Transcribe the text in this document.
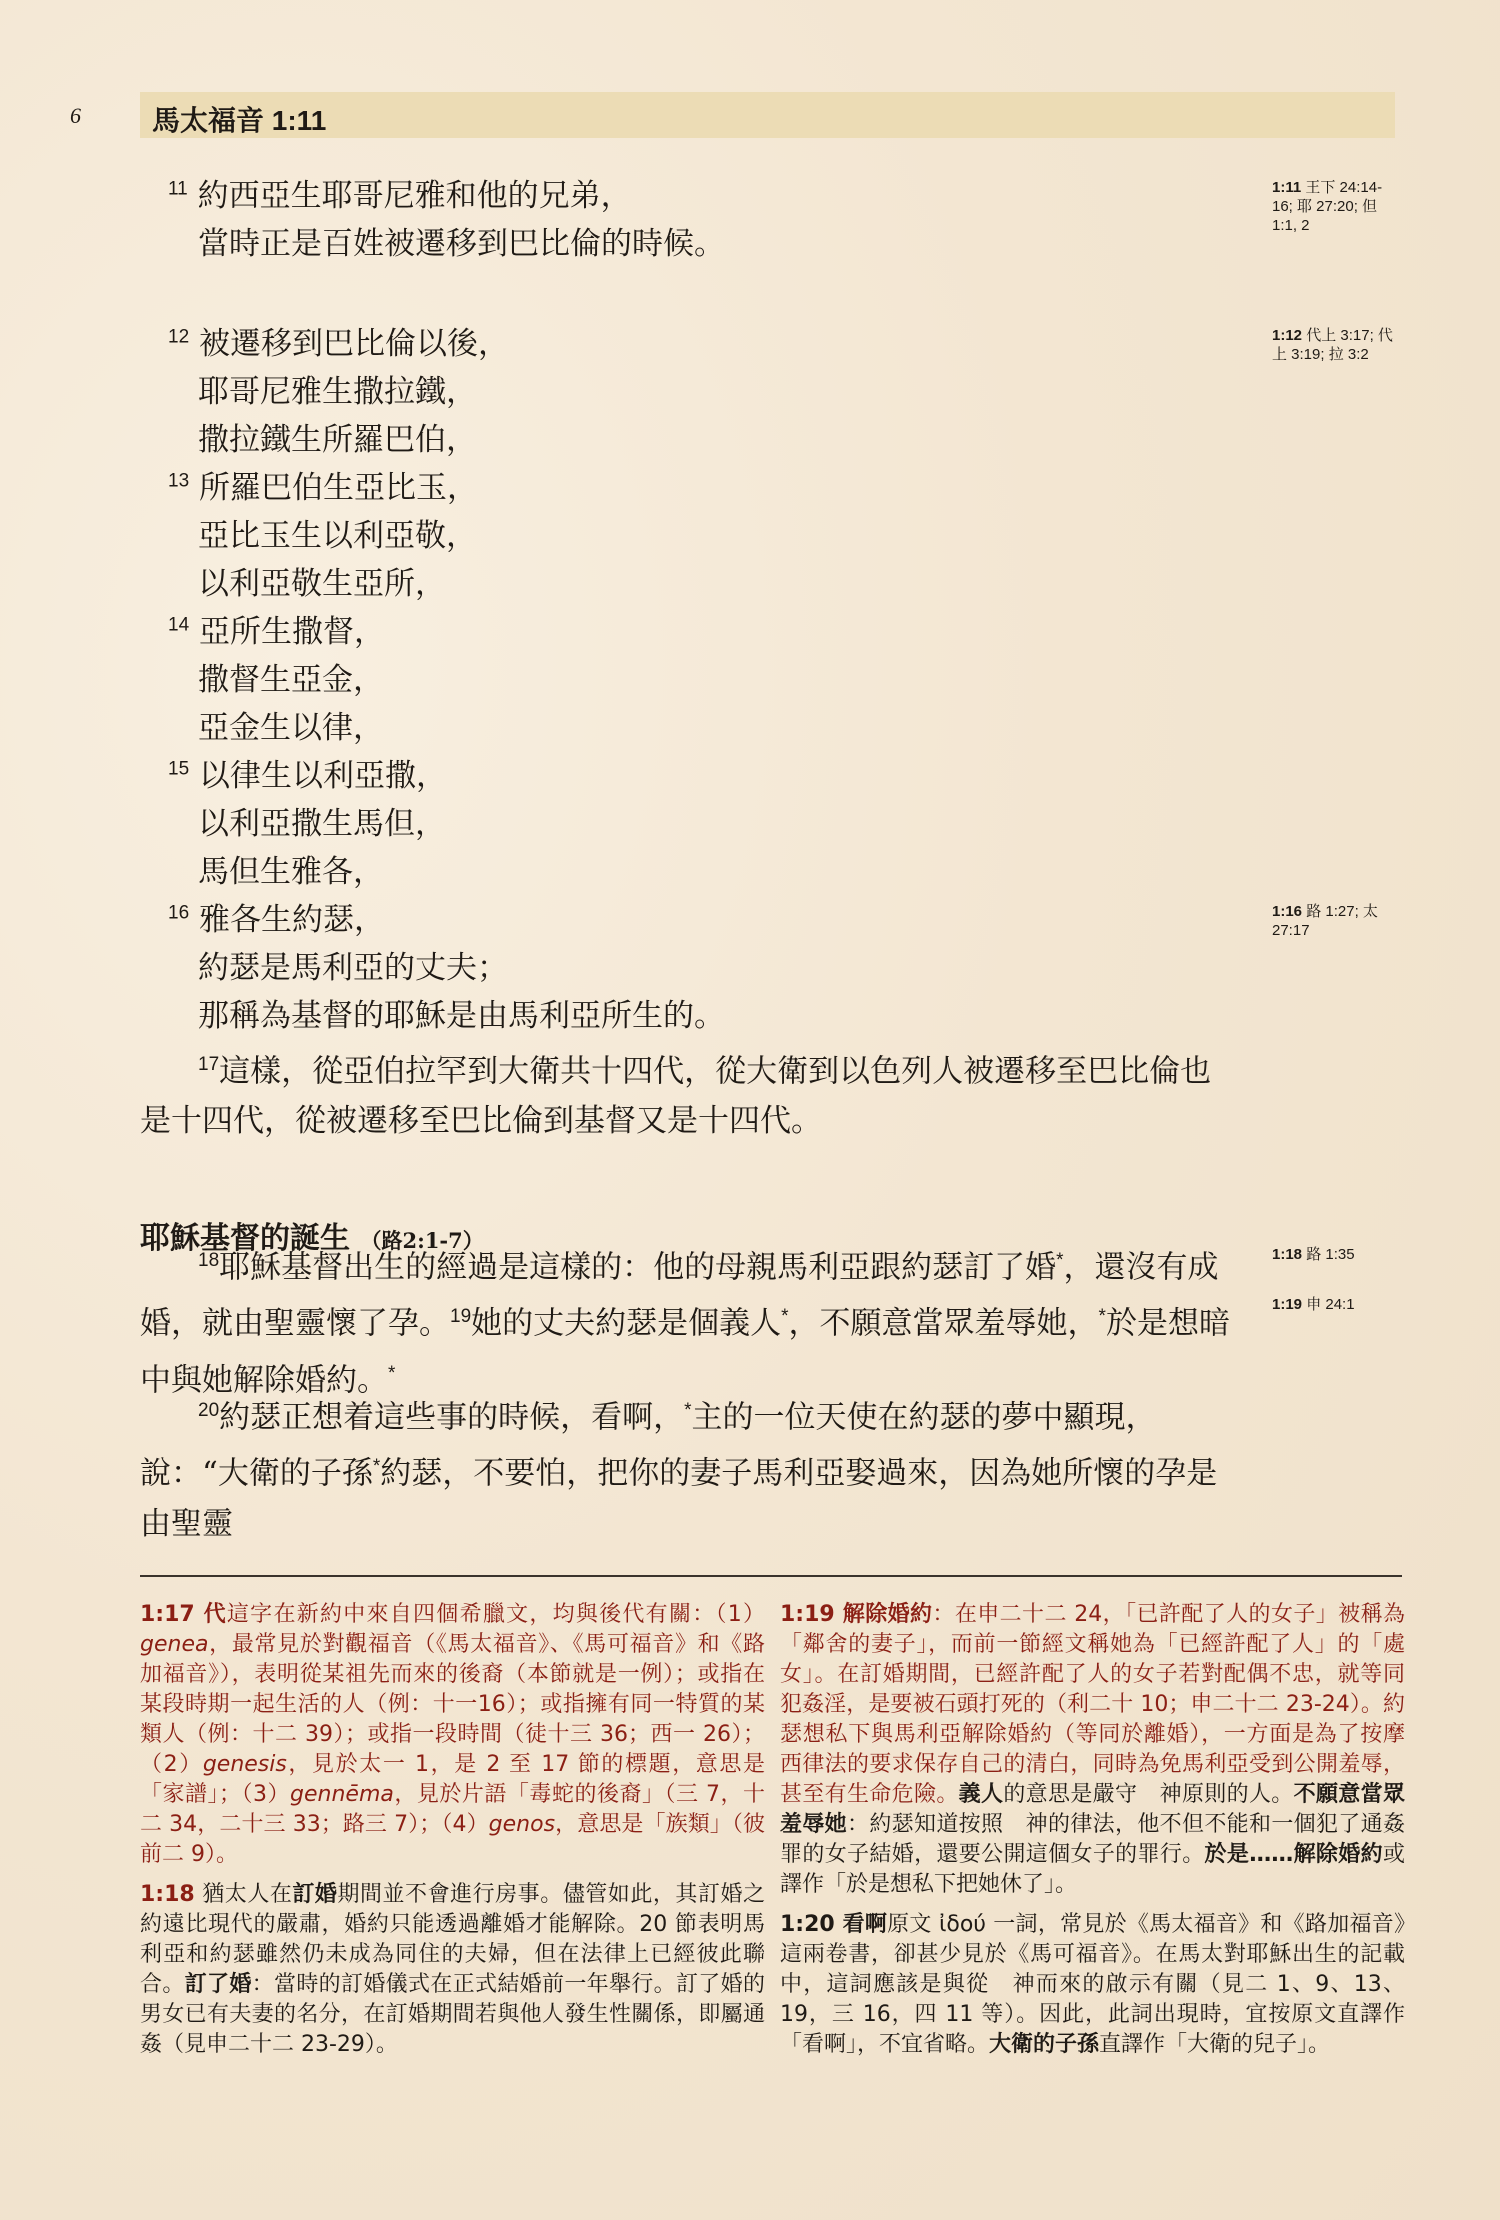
6	馬太福音 1:11
$^{11}$ 約西亞生耶哥尼雅和他的兄弟，
當時正是百姓被遷移到巴比倫的時候。
$^{12}$ 被遷移到巴比倫以後，
耶哥尼雅生撒拉鐵，
撒拉鐵生所羅巴伯，
$^{13}$ 所羅巴伯生亞比玉，
亞比玉生以利亞敬，
以利亞敬生亞所，
$^{14}$ 亞所生撒督，
撒督生亞金，
亞金生以律，
$^{15}$ 以律生以利亞撒，
以利亞撒生馬但，
馬但生雅各，
$^{16}$ 雅各生約瑟，
約瑟是馬利亞的丈夫；
那稱為基督的耶穌是由馬利亞所生的。
$^{17}$這樣，從亞伯拉罕到大衛共十四代，從大衛到以色列人被遷移至巴比倫也是十四代，從被遷移至巴比倫到基督又是十四代。
耶穌基督的誕生 （路2:1-7）
$^{18}$耶穌基督出生的經過是這樣的：他的母親馬利亞跟約瑟訂了婚*，還沒有成婚，就由聖靈懷了孕。$^{19}$她的丈夫約瑟是個義人*，不願意當眾羞辱她，*於是想暗中與她解除婚約。*
$^{20}$約瑟正想着這些事的時候，看啊，*主的一位天使在約瑟的夢中顯現，說：“大衛的子孫*約瑟，不要怕，把你的妻子馬利亞娶過來，因為她所懷的孕是由聖靈
1:11 王下 24:14-16; 耶 27:20; 但 1:1, 2
1:12 代上 3:17; 代上 3:19; 拉 3:2
1:16 路 1:27; 太 27:17
1:18 路 1:35
1:19 申 24:1

1:17 代這字在新約中來自四個希臘文，均與後代有關：（1）genea，最常見於對觀福音（《馬太福音》、《馬可福音》和《路加福音》），表明從某祖先而來的後裔（本節就是一例）；或指在某段時期一起生活的人（例：十一16）；或指擁有同一特質的某類人（例：十二 39）；或指一段時間（徒十三 36；西一 26）；（2）genesis，見於太一 1，是 2 至 17 節的標題，意思是「家譜」；（3）gennēma，見於片語「毒蛇的後裔」（三 7，十二 34，二十三 33；路三 7）；（4）genos，意思是「族類」（彼前二 9）。

1:18 猶太人在訂婚期間並不會進行房事。儘管如此，其訂婚之約遠比現代的嚴肅，婚約只能透過離婚才能解除。20 節表明馬利亞和約瑟雖然仍未成為同住的夫婦，但在法律上已經彼此聯合。訂了婚：當時的訂婚儀式在正式結婚前一年舉行。訂了婚的男女已有夫妻的名分，在訂婚期間若與他人發生性關係，即屬通姦（見申二十二 23-29）。

1:19 解除婚約：在申二十二 24，「已許配了人的女子」被稱為「鄰舍的妻子」，而前一節經文稱她為「已經許配了人」的「處女」。在訂婚期間，已經許配了人的女子若對配偶不忠，就等同犯姦淫，是要被石頭打死的（利二十 10；申二十二 23-24）。約瑟想私下與馬利亞解除婚約（等同於離婚），一方面是為了按摩西律法的要求保存自己的清白，同時為免馬利亞受到公開羞辱，甚至有生命危險。義人的意思是嚴守　神原則的人。不願意當眾羞辱她：約瑟知道按照　神的律法，他不但不能和一個犯了通姦罪的女子結婚，還要公開這個女子的罪行。於是……解除婚約或譯作「於是想私下把她休了」。

1:20 看啊原文 ἰδού 一詞，常見於《馬太福音》和《路加福音》這兩卷書，卻甚少見於《馬可福音》。在馬太對耶穌出生的記載中，這詞應該是與從　神而來的啟示有關（見二 1、9、13、19，三 16，四 11 等）。因此，此詞出現時，宜按原文直譯作「看啊」，不宜省略。大衛的子孫直譯作「大衛的兒子」。
